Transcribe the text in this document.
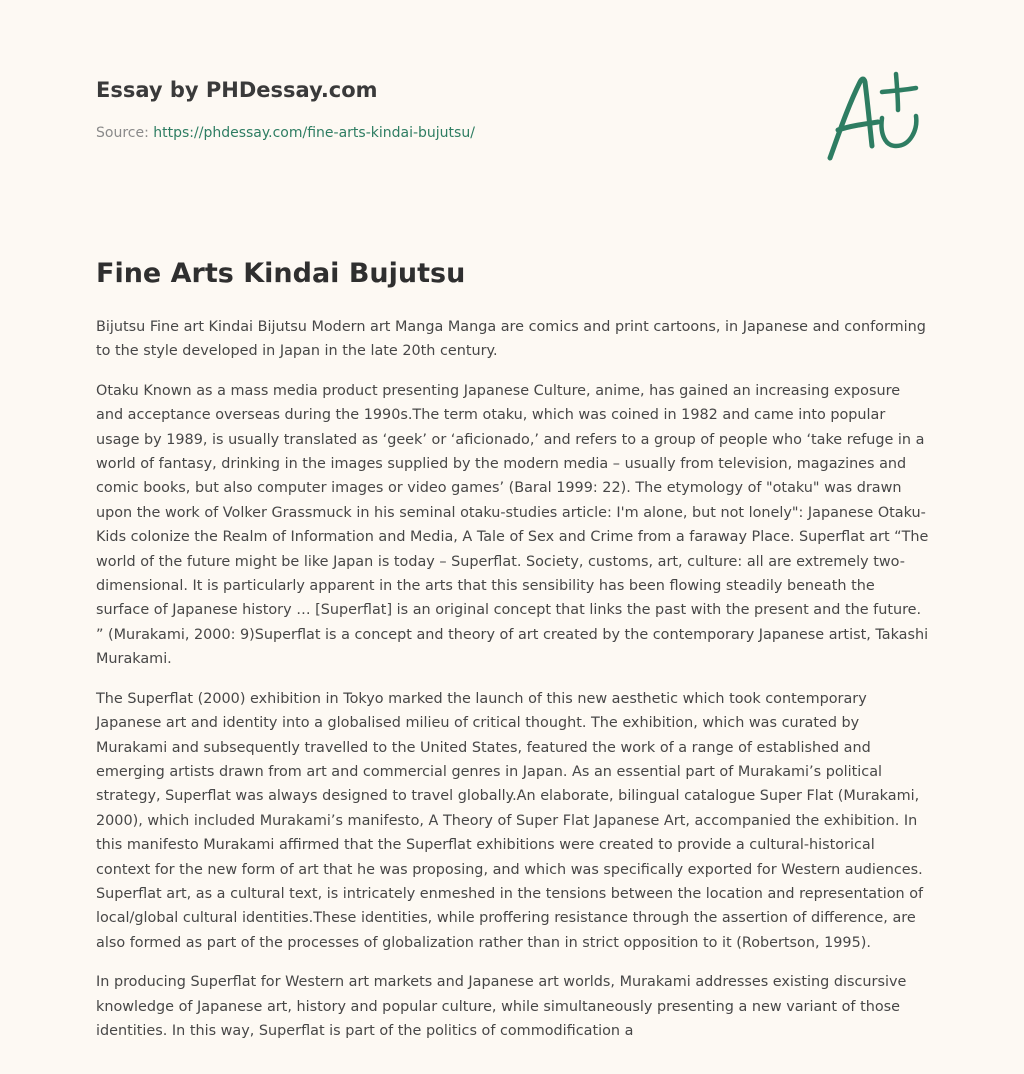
Essay by PHDessay.com
Source: https://phdessay.com/fine-arts-kindai-bujutsu/
Fine Arts Kindai Bujutsu

Bijutsu Fine art Kindai Bijutsu Modern art Manga Manga are comics and print cartoons, in Japanese and conforming to the style developed in Japan in the late 20th century.

Otaku Known as a mass media product presenting Japanese Culture, anime, has gained an increasing exposure and acceptance overseas during the 1990s.The term otaku, which was coined in 1982 and came into popular usage by 1989, is usually translated as ‘geek’ or ‘aficionado,’ and refers to a group of people who ‘take refuge in a world of fantasy, drinking in the images supplied by the modern media – usually from television, magazines and comic books, but also computer images or video games’ (Baral 1999: 22). The etymology of "otaku" was drawn upon the work of Volker Grassmuck in his seminal otaku-studies article: I'm alone, but not lonely": Japanese Otaku-Kids colonize the Realm of Information and Media, A Tale of Sex and Crime from a faraway Place. Superflat art “The world of the future might be like Japan is today – Superflat. Society, customs, art, culture: all are extremely two-dimensional. It is particularly apparent in the arts that this sensibility has been flowing steadily beneath the surface of Japanese history … [Superflat] is an original concept that links the past with the present and the future. ” (Murakami, 2000: 9)Superflat is a concept and theory of art created by the contemporary Japanese artist, Takashi Murakami.

The Superflat (2000) exhibition in Tokyo marked the launch of this new aesthetic which took contemporary Japanese art and identity into a globalised milieu of critical thought. The exhibition, which was curated by Murakami and subsequently travelled to the United States, featured the work of a range of established and emerging artists drawn from art and commercial genres in Japan. As an essential part of Murakami’s political strategy, Superflat was always designed to travel globally.An elaborate, bilingual catalogue Super Flat (Murakami, 2000), which included Murakami’s manifesto, A Theory of Super Flat Japanese Art, accompanied the exhibition. In this manifesto Murakami affirmed that the Superflat exhibitions were created to provide a cultural-historical context for the new form of art that he was proposing, and which was specifically exported for Western audiences. Superflat art, as a cultural text, is intricately enmeshed in the tensions between the location and representation of local/global cultural identities.These identities, while proffering resistance through the assertion of difference, are also formed as part of the processes of globalization rather than in strict opposition to it (Robertson, 1995).

In producing Superflat for Western art markets and Japanese art worlds, Murakami addresses existing discursive knowledge of Japanese art, history and popular culture, while simultaneously presenting a new variant of those identities. In this way, Superflat is part of the politics of commodification a
